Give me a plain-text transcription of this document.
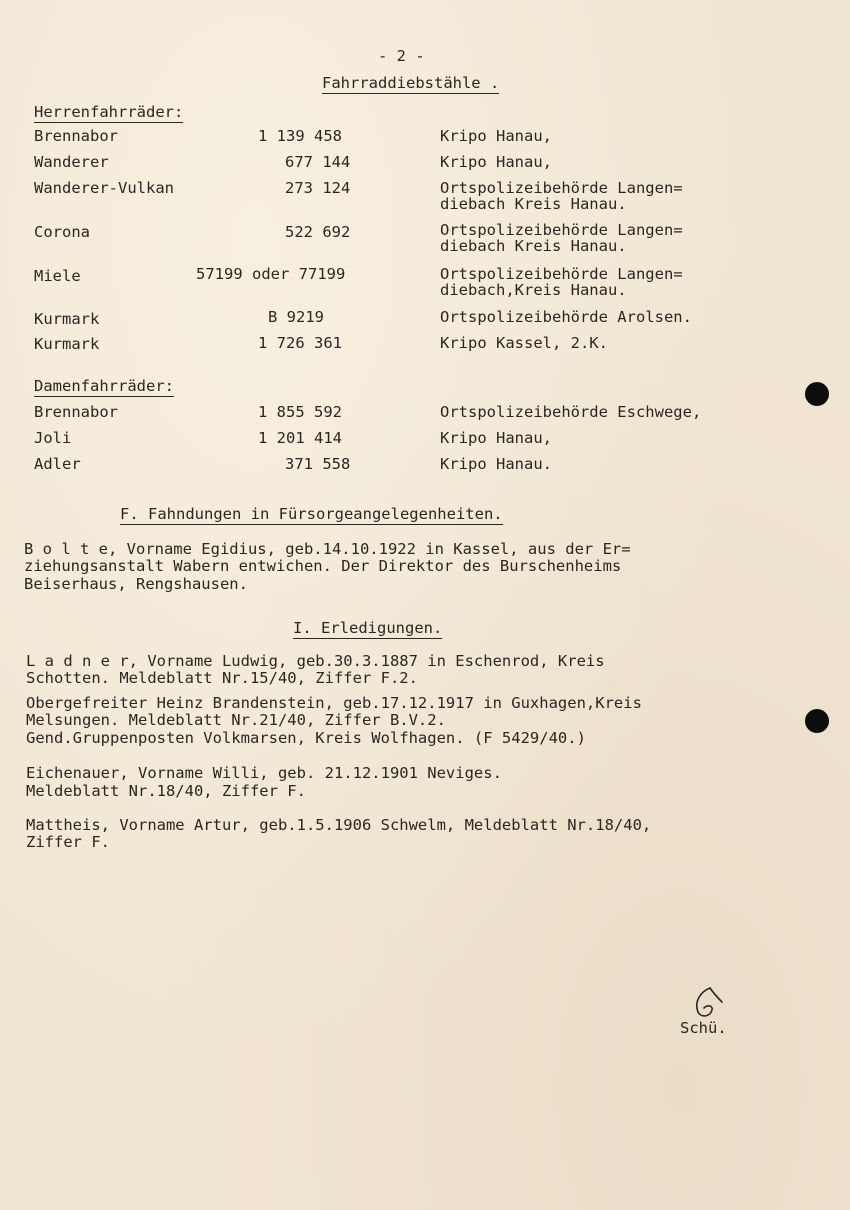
- 2 -
Fahrraddiebstähle .
Herrenfahrräder:
Brennabor	1 139 458	Kripo Hanau,
Wanderer	677 144	Kripo Hanau,
Wanderer-Vulkan	273 124	Ortspolizeibehörde Langen=
diebach Kreis Hanau.
Corona	522 692	Ortspolizeibehörde Langen=
diebach Kreis Hanau.
Miele	57199 oder 77199	Ortspolizeibehörde Langen=
diebach,Kreis Hanau.
Kurmark	B 9219	Ortspolizeibehörde Arolsen.
Kurmark	1 726 361	Kripo Kassel, 2.K.
Damenfahrräder:
Brennabor	1 855 592	Ortspolizeibehörde Eschwege,
Joli	1 201 414	Kripo Hanau,
Adler	371 558	Kripo Hanau.
F. Fahndungen in Fürsorgeangelegenheiten.
B o l t e, Vorname Egidius, geb.14.10.1922 in Kassel, aus der Er=
ziehungsanstalt Wabern entwichen. Der Direktor des Burschenheims
Beiserhaus, Rengshausen.
I. Erledigungen.
L a d n e r, Vorname Ludwig, geb.30.3.1887 in Eschenrod, Kreis
Schotten. Meldeblatt Nr.15/40, Ziffer F.2.
Obergefreiter Heinz Brandenstein, geb.17.12.1917 in Guxhagen,Kreis
Melsungen. Meldeblatt Nr.21/40, Ziffer B.V.2.
Gend.Gruppenposten Volkmarsen, Kreis Wolfhagen. (F 5429/40.)
Eichenauer, Vorname Willi, geb. 21.12.1901 Neviges.
Meldeblatt Nr.18/40, Ziffer F.
Mattheis, Vorname Artur, geb.1.5.1906 Schwelm, Meldeblatt Nr.18/40,
Ziffer F.
Schü.
